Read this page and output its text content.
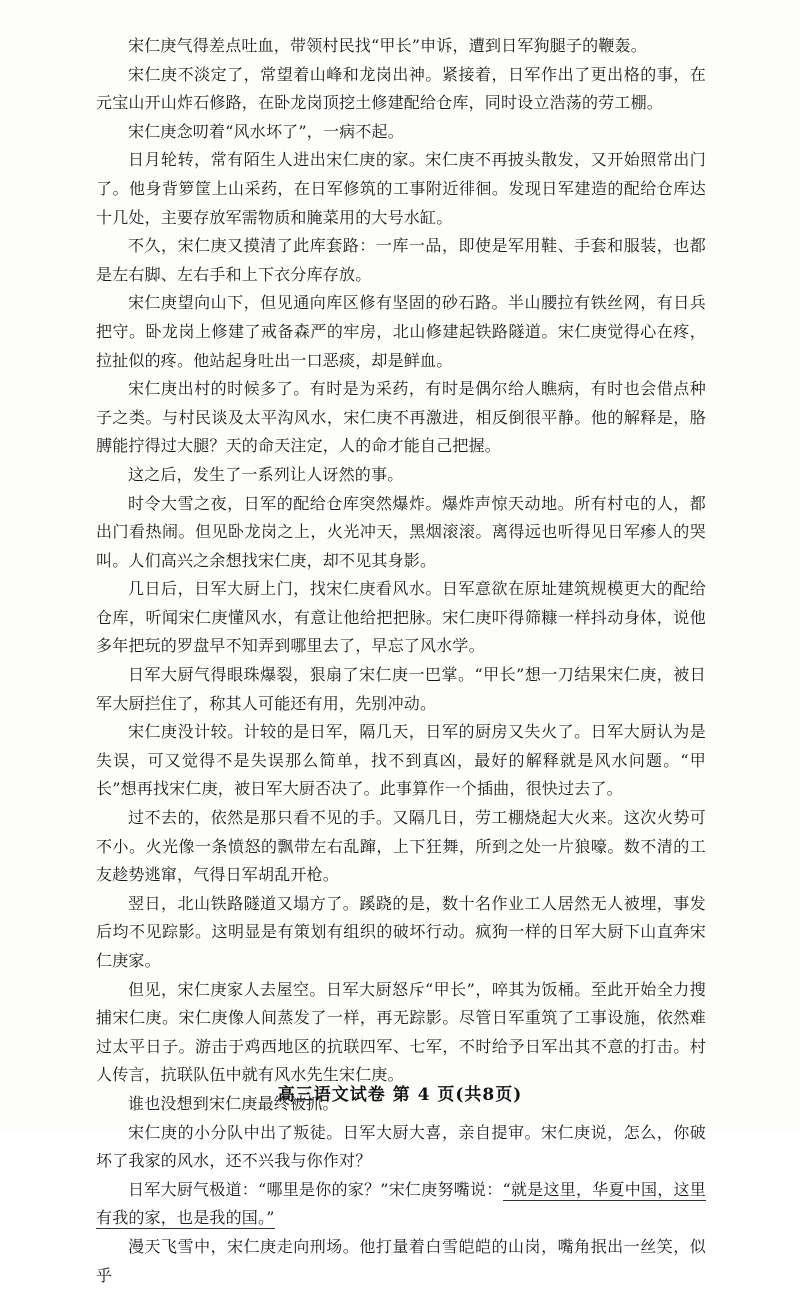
宋仁庚气得差点吐血，带领村民找“甲长”申诉，遭到日军狗腿子的鞭轰。

宋仁庚不淡定了，常望着山峰和龙岗出神。紧接着，日军作出了更出格的事，在元宝山开山炸石修路，在卧龙岗顶挖土修建配给仓库，同时设立浩荡的劳工棚。

宋仁庚念叨着“风水坏了”，一病不起。

日月轮转，常有陌生人进出宋仁庚的家。宋仁庚不再披头散发，又开始照常出门了。他身背箩筐上山采药，在日军修筑的工事附近徘徊。发现日军建造的配给仓库达十几处，主要存放军需物质和腌菜用的大号水缸。

不久，宋仁庚又摸清了此库套路：一库一品，即使是军用鞋、手套和服装，也都是左右脚、左右手和上下衣分库存放。

宋仁庚望向山下，但见通向库区修有坚固的砂石路。半山腰拉有铁丝网，有日兵把守。卧龙岗上修建了戒备森严的牢房，北山修建起铁路隧道。宋仁庚觉得心在疼，拉扯似的疼。他站起身吐出一口恶痰，却是鲜血。

宋仁庚出村的时候多了。有时是为采药，有时是偶尔给人瞧病，有时也会借点种子之类。与村民谈及太平沟风水，宋仁庚不再激进，相反倒很平静。他的解释是，胳膊能拧得过大腿？天的命天注定，人的命才能自己把握。

这之后，发生了一系列让人讶然的事。

时令大雪之夜，日军的配给仓库突然爆炸。爆炸声惊天动地。所有村屯的人，都出门看热闹。但见卧龙岗之上，火光冲天，黑烟滚滚。离得远也听得见日军瘆人的哭叫。人们高兴之余想找宋仁庚，却不见其身影。

几日后，日军大厨上门，找宋仁庚看风水。日军意欲在原址建筑规模更大的配给仓库，听闻宋仁庚懂风水，有意让他给把把脉。宋仁庚吓得筛糠一样抖动身体，说他多年把玩的罗盘早不知弄到哪里去了，早忘了风水学。

日军大厨气得眼珠爆裂，狠扇了宋仁庚一巴掌。“甲长”想一刀结果宋仁庚，被日军大厨拦住了，称其人可能还有用，先别冲动。

宋仁庚没计较。计较的是日军，隔几天，日军的厨房又失火了。日军大厨认为是失误，可又觉得不是失误那么简单，找不到真凶，最好的解释就是风水问题。“甲长”想再找宋仁庚，被日军大厨否决了。此事算作一个插曲，很快过去了。

过不去的，依然是那只看不见的手。又隔几日，劳工棚烧起大火来。这次火势可不小。火光像一条愤怒的飘带左右乱蹿，上下狂舞，所到之处一片狼嚎。数不清的工友趁势逃窜，气得日军胡乱开枪。

翌日，北山铁路隧道又塌方了。蹊跷的是，数十名作业工人居然无人被埋，事发后均不见踪影。这明显是有策划有组织的破坏行动。疯狗一样的日军大厨下山直奔宋仁庚家。

但见，宋仁庚家人去屋空。日军大厨怒斥“甲长”，啐其为饭桶。至此开始全力搜捕宋仁庚。宋仁庚像人间蒸发了一样，再无踪影。尽管日军重筑了工事设施，依然难过太平日子。游击于鸡西地区的抗联四军、七军，不时给予日军出其不意的打击。村人传言，抗联队伍中就有风水先生宋仁庚。

谁也没想到宋仁庚最终被抓。

宋仁庚的小分队中出了叛徒。日军大厨大喜，亲自提审。宋仁庚说，怎么，你破坏了我家的风水，还不兴我与你作对？

日军大厨气极道：“哪里是你的家？”宋仁庚努嘴说：“就是这里，华夏中国，这里有我的家，也是我的国。”

漫天飞雪中，宋仁庚走向刑场。他打量着白雪皑皑的山岗，嘴角抿出一丝笑，似乎

高三语文试卷 第 4 页(共8页)
